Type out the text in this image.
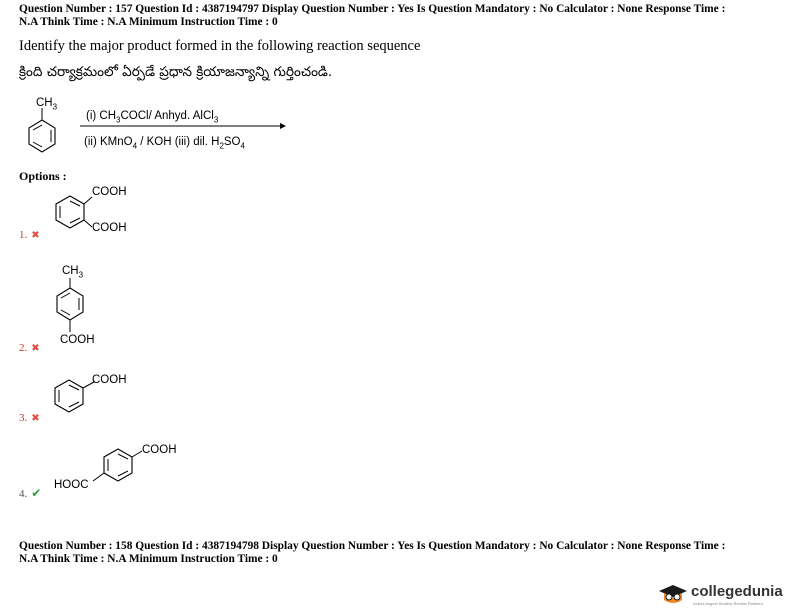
Question Number : 157 Question Id : 4387194797 Display Question Number : Yes Is Question Mandatory : No Calculator : None Response Time :
N.A Think Time : N.A Minimum Instruction Time : 0
Identify the major product formed in the following reaction sequence
క్రింది చర్యాక్రమంలో ఏర్పడే ప్రధాన క్రియాజన్యాన్ని గుర్తించండి.
$CH_3$
(i) $CH_3COCl/$ Anhyd. AlCl$_3$
(ii) KMnO$_4$ / KOH (iii) dil. $H_2SO_4$
Options :
COOH
COOH
1. ✖
$CH_3$
COOH
2. ✖
COOH
3. ✖
COOH
HOOC
4. ✔
Question Number : 158 Question Id : 4387194798 Display Question Number : Yes Is Question Mandatory : No Calculator : None Response Time :
N.A Think Time : N.A Minimum Instruction Time : 0
collegedunia
India's largest Student Review Platform
